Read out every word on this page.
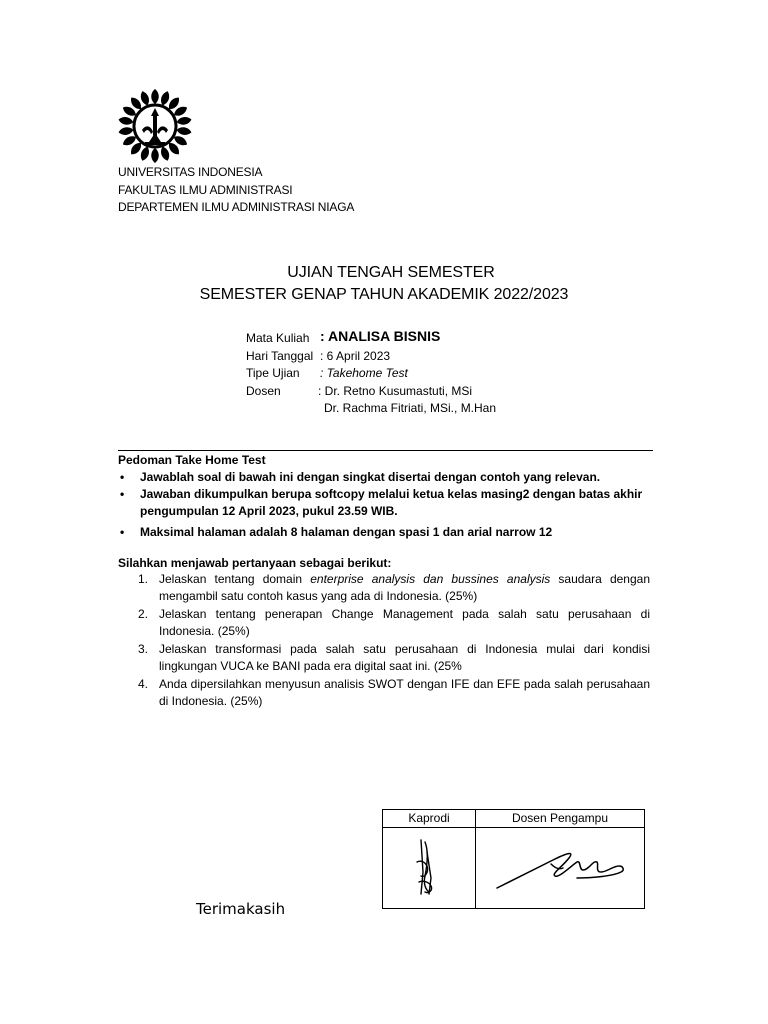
UNIVERSITAS INDONESIA
FAKULTAS ILMU ADMINISTRASI
DEPARTEMEN ILMU ADMINISTRASI NIAGA
UJIAN TENGAH SEMESTER
SEMESTER GENAP TAHUN AKADEMIK 2022/2023
Mata Kuliah : ANALISA BISNIS
Hari Tanggal : 6 April 2023
Tipe Ujian : Takehome Test
Dosen	: Dr. Retno Kusumastuti, MSi
Dr. Rachma Fitriati, MSi., M.Han
Pedoman Take Home Test
• Jawablah soal di bawah ini dengan singkat disertai dengan contoh yang relevan.
• Jawaban dikumpulkan berupa softcopy melalui ketua kelas masing2 dengan batas akhir pengumpulan 12 April 2023, pukul 23.59 WIB.
• Maksimal halaman adalah 8 halaman dengan spasi 1 dan arial narrow 12
Silahkan menjawab pertanyaan sebagai berikut:
1. Jelaskan tentang domain enterprise analysis dan bussines analysis saudara dengan mengambil satu contoh kasus yang ada di Indonesia. (25%)
2. Jelaskan tentang penerapan Change Management pada salah satu perusahaan di Indonesia. (25%)
3. Jelaskan transformasi pada salah satu perusahaan di Indonesia mulai dari kondisi lingkungan VUCA ke BANI pada era digital saat ini. (25%
4. Anda dipersilahkan menyusun analisis SWOT dengan IFE dan EFE pada salah perusahaan di Indonesia. (25%)
Kaprodi	Dosen Pengampu
Terimakasih
